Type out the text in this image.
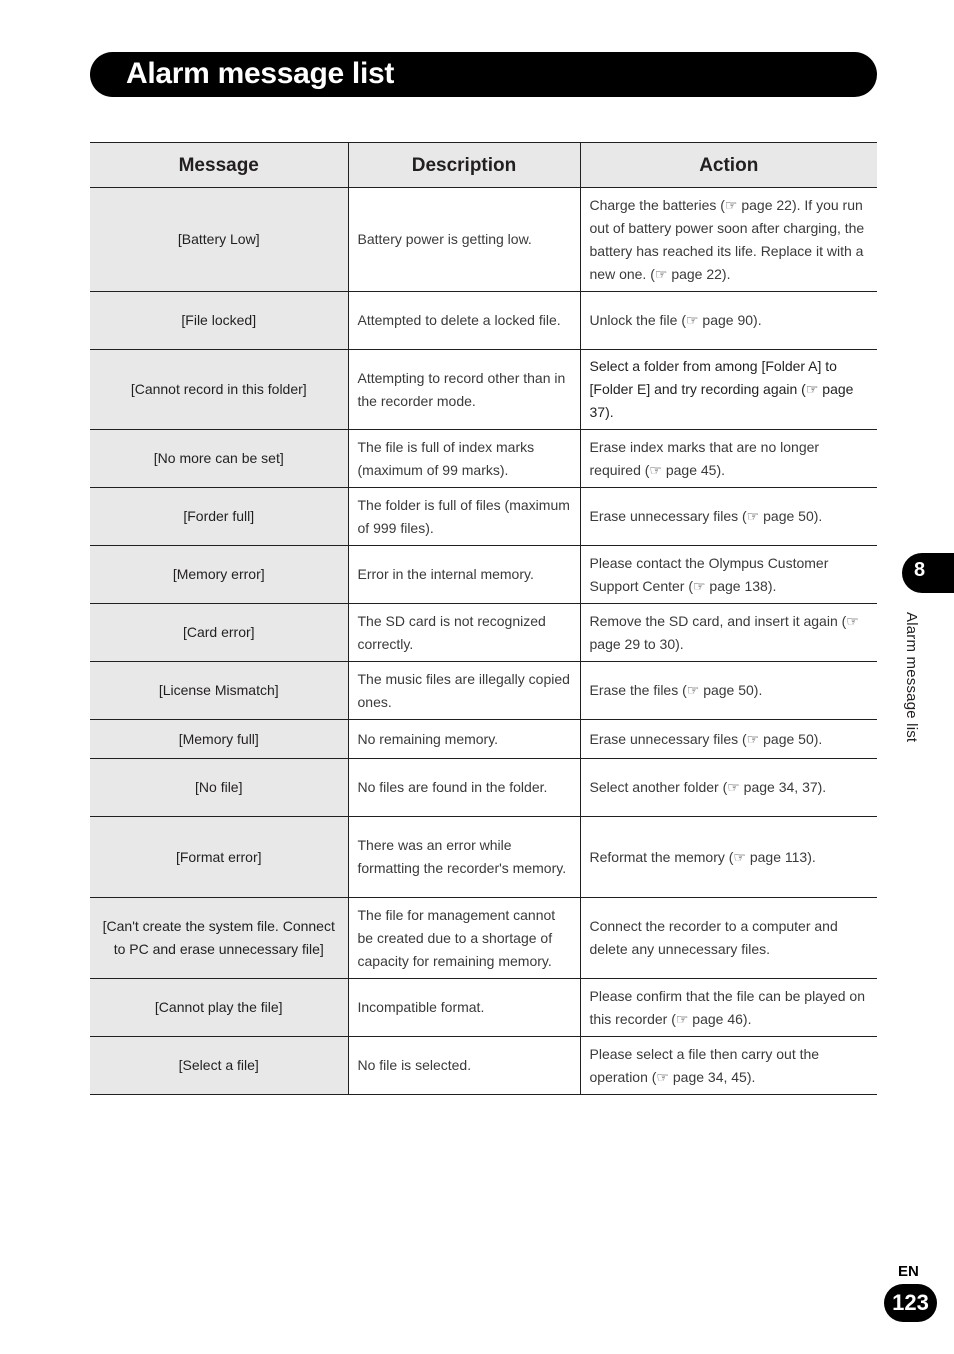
Alarm message list
Message	Description	Action
[Battery Low]	Battery power is getting low.	Charge the batteries (☞ page 22). If you run out of battery power soon after charging, the battery has reached its life. Replace it with a new one. (☞ page 22).
[File locked]	Attempted to delete a locked file.	Unlock the file (☞ page 90).
[Cannot record in this folder]	Attempting to record other than in the recorder mode.	Select a folder from among [Folder A] to [Folder E] and try recording again (☞ page 37).
[No more can be set]	The file is full of index marks (maximum of 99 marks).	Erase index marks that are no longer required (☞ page 45).
[Forder full]	The folder is full of files (maximum of 999 files).	Erase unnecessary files (☞ page 50).
[Memory error]	Error in the internal memory.	Please contact the Olympus Customer Support Center (☞ page 138).
[Card error]	The SD card is not recognized correctly.	Remove the SD card, and insert it again (☞ page 29 to 30).
[License Mismatch]	The music files are illegally copied ones.	Erase the files (☞ page 50).
[Memory full]	No remaining memory.	Erase unnecessary files (☞ page 50).
[No file]	No files are found in the folder.	Select another folder (☞ page 34, 37).
[Format error]	There was an error while formatting the recorder's memory.	Reformat the memory (☞ page 113).
[Can't create the system file. Connect to PC and erase unnecessary file]	The file for management cannot be created due to a shortage of capacity for remaining memory.	Connect the recorder to a computer and delete any unnecessary files.
[Cannot play the file]	Incompatible format.	Please confirm that the file can be played on this recorder (☞ page 46).
[Select a file]	No file is selected.	Please select a file then carry out the operation (☞ page 34, 45).
8
Alarm message list
EN
123
